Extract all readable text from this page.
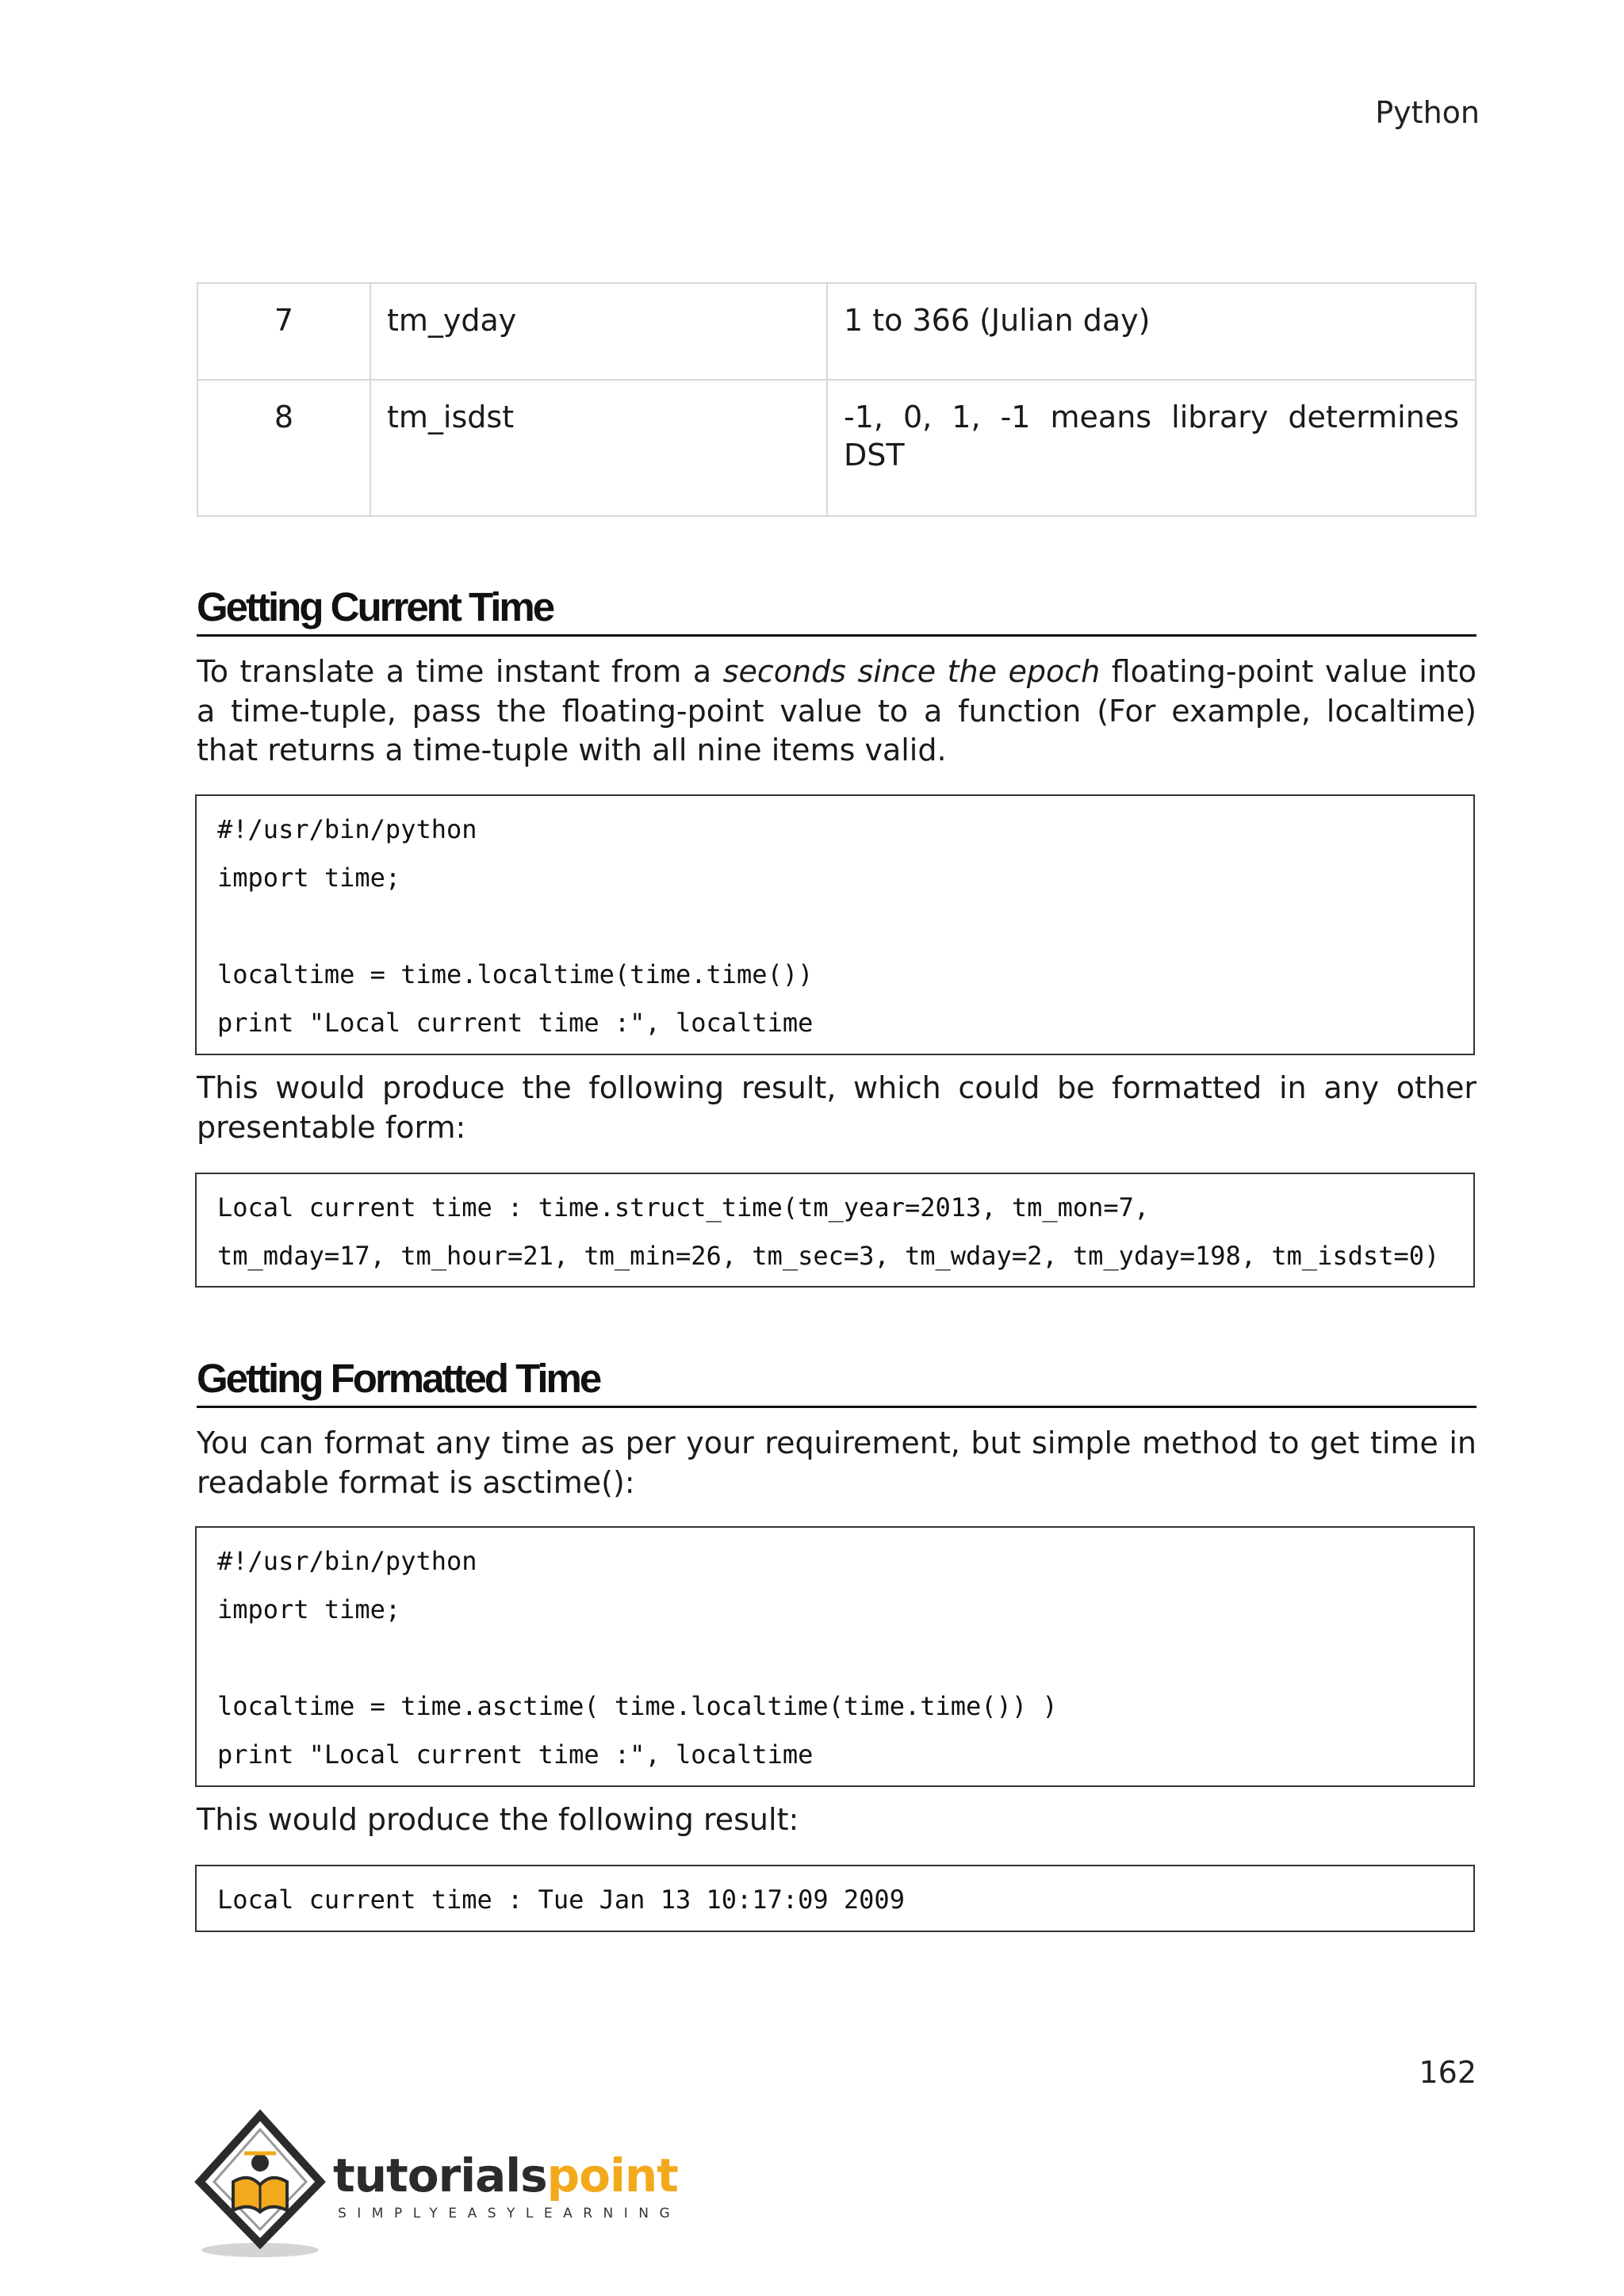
Python
7	tm_yday	1 to 366 (Julian day)
8	tm_isdst	-1, 0, 1, -1 means library determines DST
Getting Current Time

To translate a time instant from a seconds since the epoch floating-point value into a time-tuple, pass the floating-point value to a function (For example, localtime) that returns a time-tuple with all nine items valid.

#!/usr/bin/python
import time;
localtime = time.localtime(time.time())
print "Local current time :", localtime

This would produce the following result, which could be formatted in any other presentable form:

Local current time : time.struct_time(tm_year=2013, tm_mon=7,
tm_mday=17, tm_hour=21, tm_min=26, tm_sec=3, tm_wday=2, tm_yday=198, tm_isdst=0)
Getting Formatted Time

You can format any time as per your requirement, but simple method to get time in readable format is asctime():

#!/usr/bin/python
import time;
localtime = time.asctime( time.localtime(time.time()) )
print "Local current time :", localtime

This would produce the following result:

Local current time : Tue Jan 13 10:17:09 2009
162
tutorialspoint
SIMPLYEASYLEARNING
